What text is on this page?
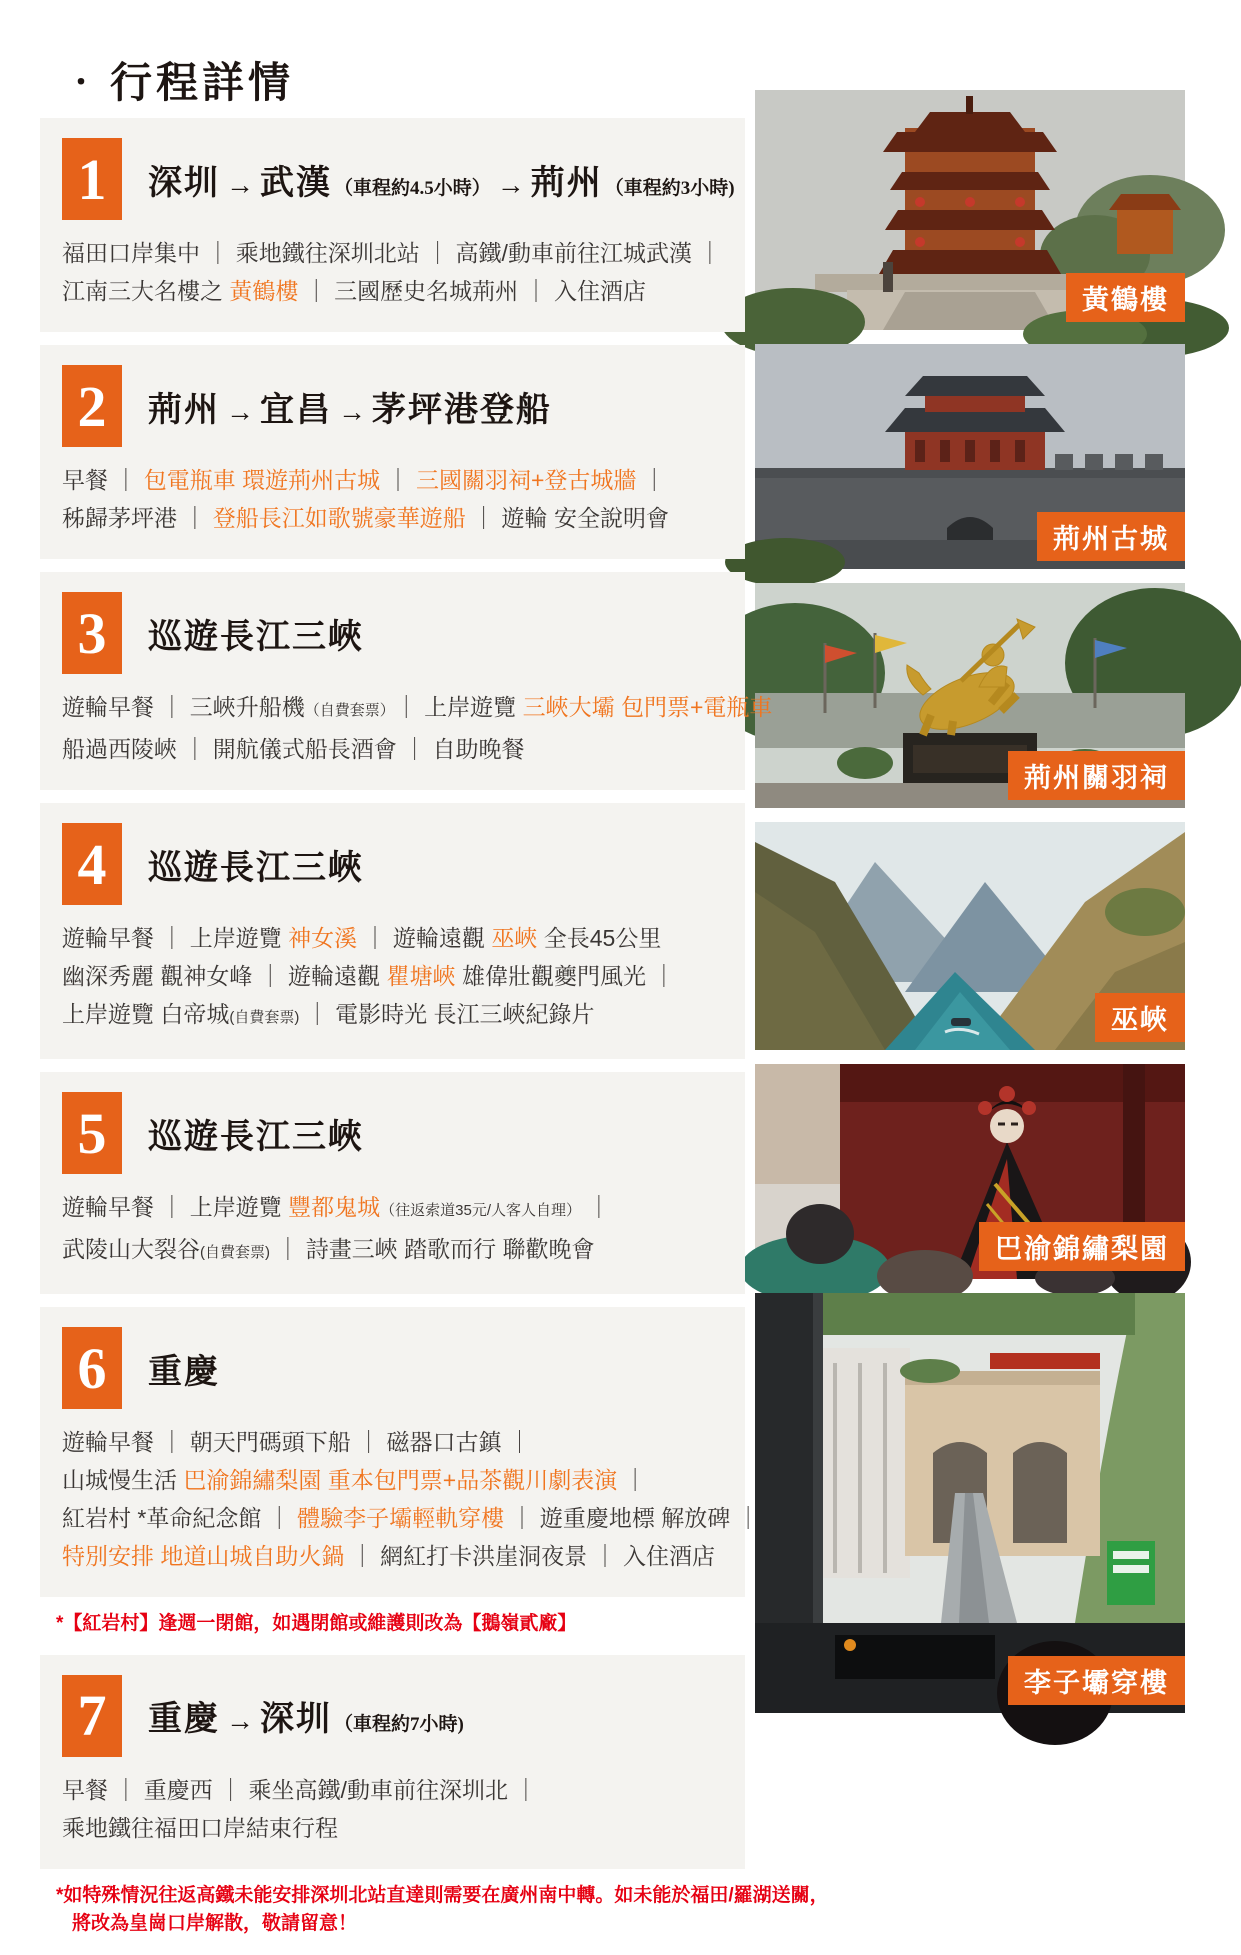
・ 行程詳情
1	深圳 → 武漢 （車程約4.5小時） → 荊州 （車程約3小時)

福田口岸集中 ｜ 乘地鐵往深圳北站 ｜ 高鐵/動車前往江城武漢 ｜

江南三大名樓之 黃鶴樓 ｜ 三國歷史名城荊州 ｜ 入住酒店

2	荊州 → 宜昌 → 茅坪港登船

早餐 ｜ 包電瓶車 環遊荊州古城 ｜ 三國關羽祠+登古城牆 ｜

秭歸茅坪港 ｜ 登船長江如歌號豪華遊船 ｜ 遊輪 安全說明會

3	巡遊長江三峽

遊輪早餐 ｜ 三峽升船機（自費套票）｜ 上岸遊覽 三峽大壩 包門票+電瓶車

船過西陵峽 ｜ 開航儀式船長酒會 ｜ 自助晚餐

4	巡遊長江三峽

遊輪早餐 ｜ 上岸遊覽 神女溪 ｜ 遊輪遠觀 巫峽 全長45公里

幽深秀麗 觀神女峰 ｜ 遊輪遠觀 瞿塘峽 雄偉壯觀夔門風光 ｜

上岸遊覽 白帝城(自費套票) ｜ 電影時光 長江三峽紀錄片

5	巡遊長江三峽

遊輪早餐 ｜ 上岸遊覽 豐都鬼城（往返索道35元/人客人自理） ｜

武陵山大裂谷(自費套票) ｜ 詩畫三峽 踏歌而行 聯歡晚會

6	重慶

遊輪早餐 ｜ 朝天門碼頭下船 ｜ 磁器口古鎮 ｜

山城慢生活 巴渝錦繡梨園 重本包門票+品茶觀川劇表演 ｜

紅岩村 *革命紀念館 ｜ 體驗李子壩輕軌穿樓 ｜ 遊重慶地標 解放碑 ｜

特別安排 地道山城自助火鍋 ｜ 網紅打卡洪崖洞夜景 ｜ 入住酒店

*【紅岩村】逢週一閉館，如遇閉館或維護則改為【鵝嶺貳廠】

7	重慶 → 深圳 （車程約7小時)

早餐 ｜ 重慶西 ｜ 乘坐高鐵/動車前往深圳北 ｜

乘地鐵往福田口岸結束行程

*如特殊情況往返高鐵未能安排深圳北站直達則需要在廣州南中轉。如未能於福田/羅湖送關，
將改為皇崗口岸解散，敬請留意！

黃鶴樓
荊州古城
荊州關羽祠
巫峽
巴渝錦繡梨園
李子壩穿樓
